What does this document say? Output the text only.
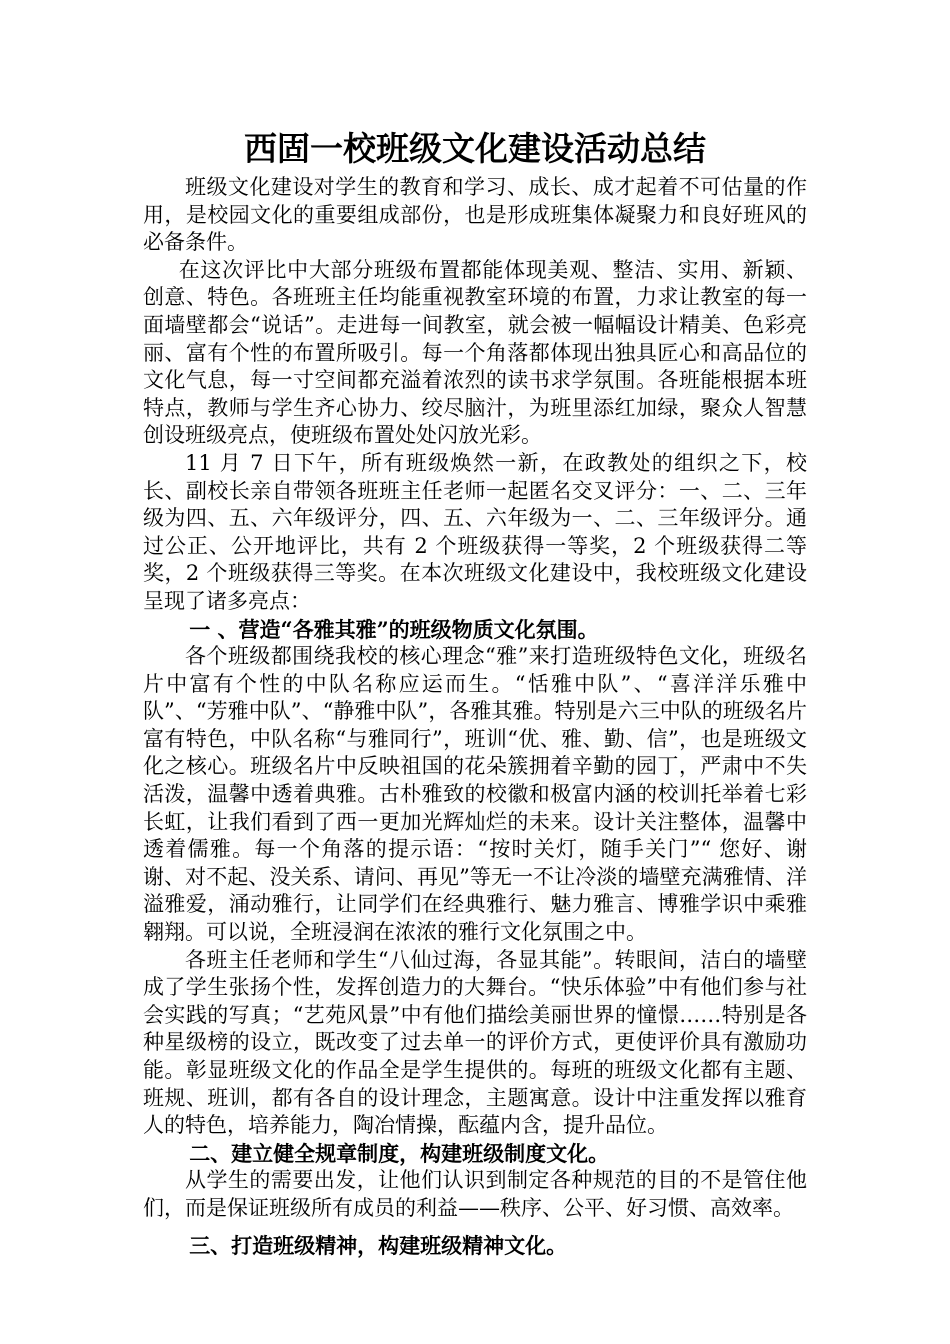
西固一校班级文化建设活动总结

班级文化建设对学生的教育和学习、成长、成才起着不可估量的作用，是校园文化的重要组成部份，也是形成班集体凝聚力和良好班风的必备条件。

在这次评比中大部分班级布置都能体现美观、整洁、实用、新颖、创意、特色。各班班主任均能重视教室环境的布置，力求让教室的每一面墙壁都会“说话”。走进每一间教室，就会被一幅幅设计精美、色彩亮丽、富有个性的布置所吸引。每一个角落都体现出独具匠心和高品位的文化气息，每一寸空间都充溢着浓烈的读书求学氛围。各班能根据本班特点，教师与学生齐心协力、绞尽脑汁，为班里添红加绿，聚众人智慧创设班级亮点，使班级布置处处闪放光彩。

11 月 7 日下午，所有班级焕然一新，在政教处的组织之下，校长、副校长亲自带领各班班主任老师一起匿名交叉评分：一、二、三年级为四、五、六年级评分，四、五、六年级为一、二、三年级评分。通过公正、公开地评比，共有 2 个班级获得一等奖，2 个班级获得二等奖，2 个班级获得三等奖。在本次班级文化建设中，我校班级文化建设呈现了诸多亮点：

一 、营造“各雅其雅”的班级物质文化氛围。

各个班级都围绕我校的核心理念“雅”来打造班级特色文化，班级名片中富有个性的中队名称应运而生。“恬雅中队”、“喜洋洋乐雅中队”、“芳雅中队”、“静雅中队”，各雅其雅。特别是六三中队的班级名片富有特色，中队名称“与雅同行”，班训“优、雅、勤、信”，也是班级文化之核心。班级名片中反映祖国的花朵簇拥着辛勤的园丁，严肃中不失活泼，温馨中透着典雅。古朴雅致的校徽和极富内涵的校训托举着七彩长虹，让我们看到了西一更加光辉灿烂的未来。设计关注整体，温馨中透着儒雅。每一个角落的提示语：“按时关灯，随手关门”“ 您好、谢谢、对不起、没关系、请问、再见”等无一不让冷淡的墙壁充满雅情、洋溢雅爱，涌动雅行，让同学们在经典雅行、魅力雅言、博雅学识中乘雅翱翔。可以说，全班浸润在浓浓的雅行文化氛围之中。

各班主任老师和学生“八仙过海，各显其能”。转眼间，洁白的墙壁成了学生张扬个性，发挥创造力的大舞台。“快乐体验”中有他们参与社会实践的写真；“艺苑风景”中有他们描绘美丽世界的憧憬……特别是各种星级榜的设立，既改变了过去单一的评价方式，更使评价具有激励功能。彰显班级文化的作品全是学生提供的。每班的班级文化都有主题、班规、班训，都有各自的设计理念，主题寓意。设计中注重发挥以雅育人的特色，培养能力，陶冶情操，酝蕴内含，提升品位。

二、建立健全规章制度，构建班级制度文化。

从学生的需要出发，让他们认识到制定各种规范的目的不是管住他们，而是保证班级所有成员的利益——秩序、公平、好习惯、高效率。

三、打造班级精神，构建班级精神文化。
